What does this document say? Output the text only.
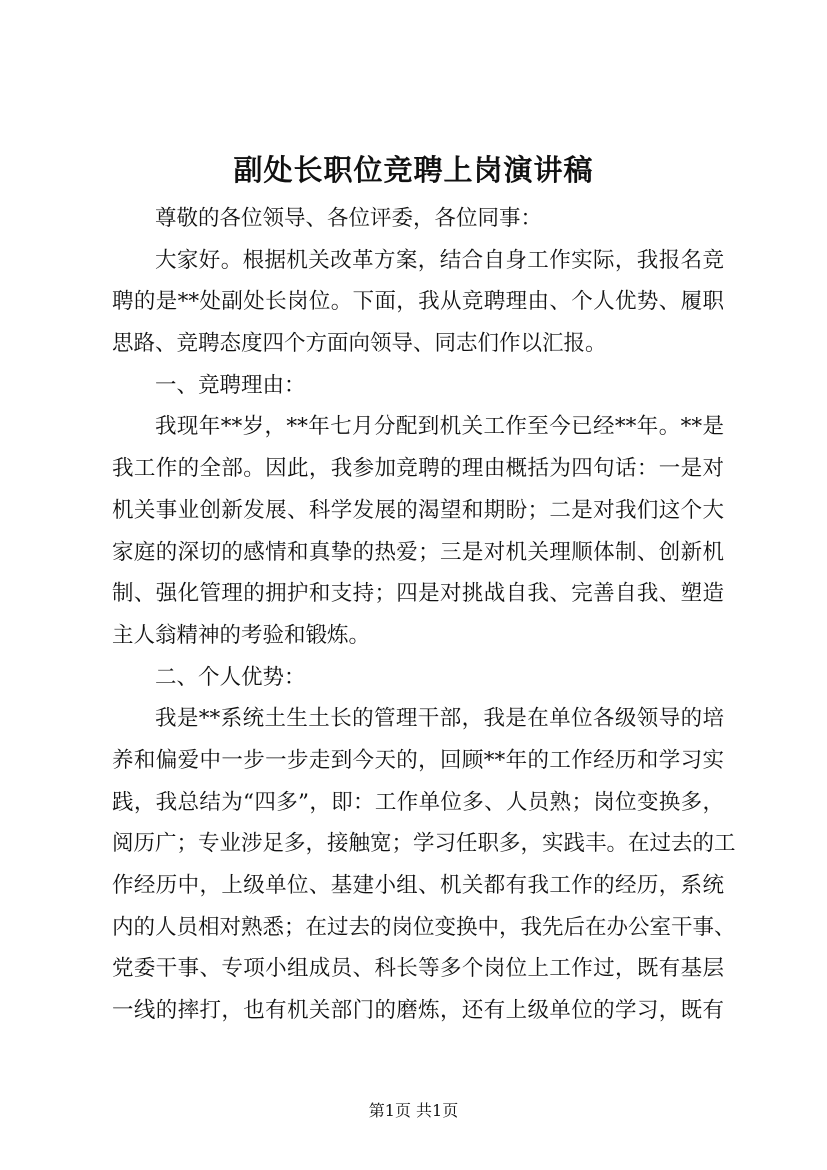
副处长职位竞聘上岗演讲稿
尊敬的各位领导、各位评委，各位同事：
大家好。根据机关改革方案，结合自身工作实际，我报名竞
聘的是**处副处长岗位。下面，我从竞聘理由、个人优势、履职
思路、竞聘态度四个方面向领导、同志们作以汇报。
一、竞聘理由：
我现年**岁，**年七月分配到机关工作至今已经**年。**是
我工作的全部。因此，我参加竞聘的理由概括为四句话：一是对
机关事业创新发展、科学发展的渴望和期盼；二是对我们这个大
家庭的深切的感情和真挚的热爱；三是对机关理顺体制、创新机
制、强化管理的拥护和支持；四是对挑战自我、完善自我、塑造
主人翁精神的考验和锻炼。
二、个人优势：
我是**系统土生土长的管理干部，我是在单位各级领导的培
养和偏爱中一步一步走到今天的，回顾**年的工作经历和学习实
践，我总结为“四多”，即：工作单位多、人员熟；岗位变换多，
阅历广；专业涉足多，接触宽；学习任职多，实践丰。在过去的工
作经历中，上级单位、基建小组、机关都有我工作的经历，系统
内的人员相对熟悉；在过去的岗位变换中，我先后在办公室干事、
党委干事、专项小组成员、科长等多个岗位上工作过，既有基层
一线的摔打，也有机关部门的磨炼，还有上级单位的学习，既有
第1页 共1页
